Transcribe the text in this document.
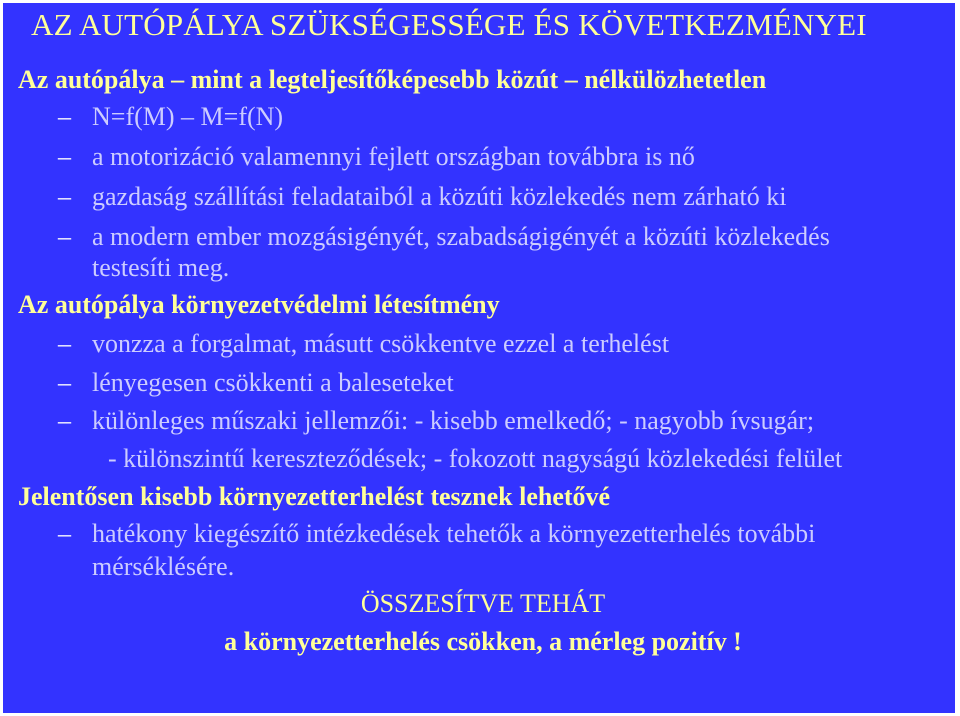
AZ AUTÓPÁLYA SZÜKSÉGESSÉGE ÉS KÖVETKEZMÉNYEI
Az autópálya – mint a legteljesítőképesebb közút – nélkülözhetetlen
– N=f(M) – M=f(N)
– a motorizáció valamennyi fejlett országban továbbra is nő
– gazdaság szállítási feladataiból a közúti közlekedés nem zárható ki
– a modern ember mozgásigényét, szabadságigényét a közúti közlekedés
testesíti meg.
Az autópálya környezetvédelmi létesítmény
– vonzza a forgalmat, másutt csökkentve ezzel a terhelést
– lényegesen csökkenti a baleseteket
– különleges műszaki jellemzői: - kisebb emelkedő; - nagyobb ívsugár;
- különszintű kereszteződések; - fokozott nagyságú közlekedési felület
Jelentősen kisebb környezetterhelést tesznek lehetővé
– hatékony kiegészítő intézkedések tehetők a környezetterhelés további
mérséklésére.
ÖSSZESÍTVE TEHÁT
a környezetterhelés csökken, a mérleg pozitív !
